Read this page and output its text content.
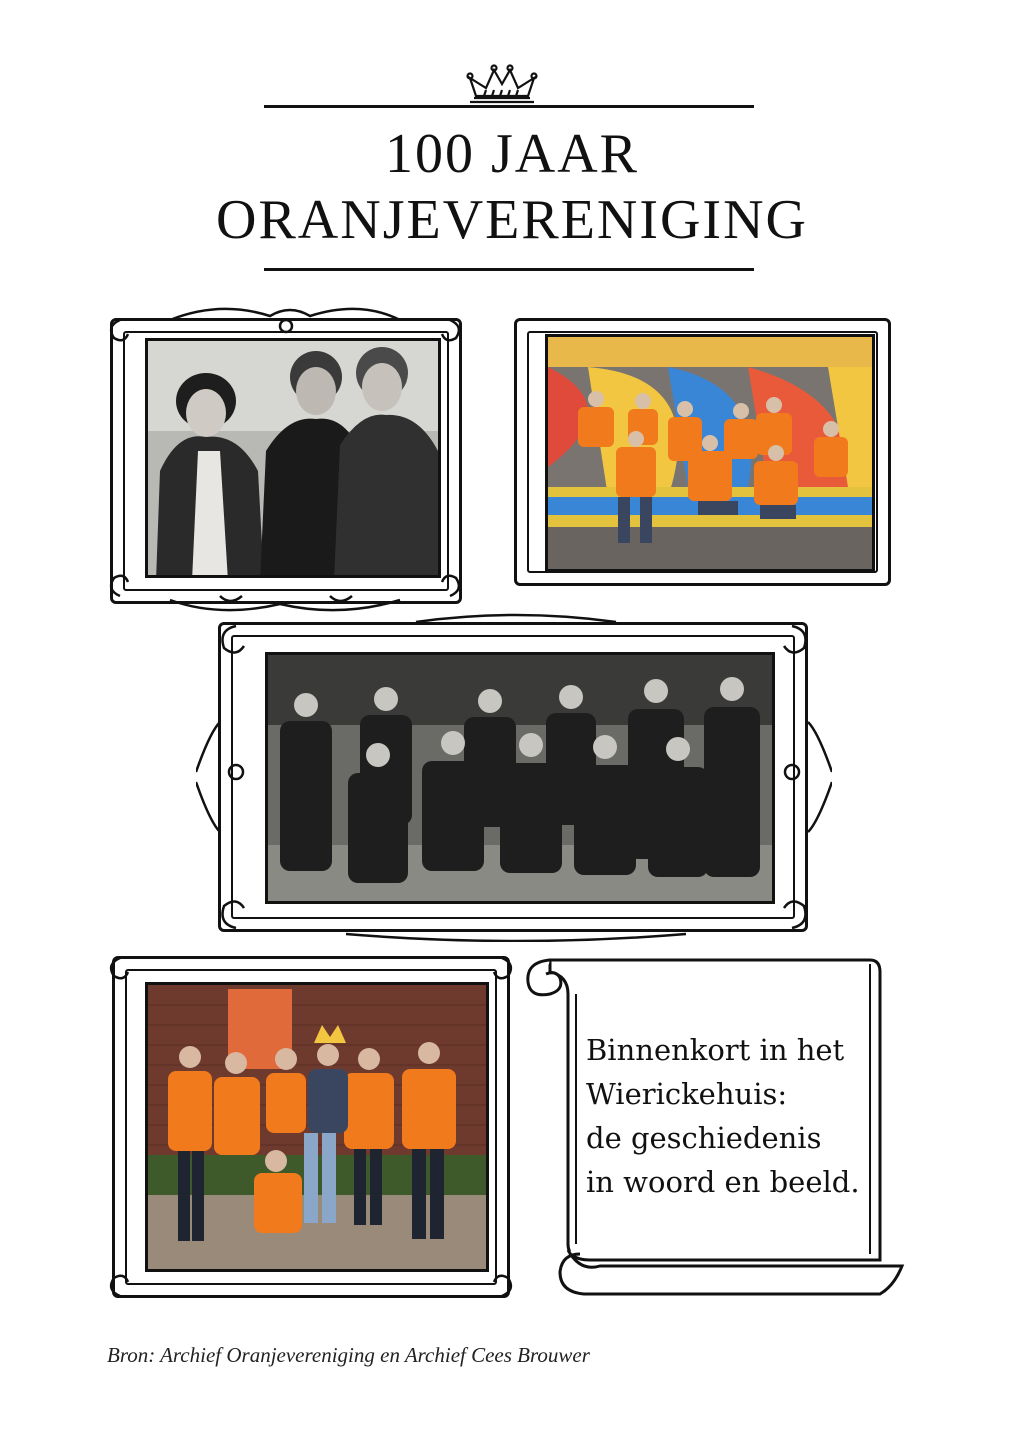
100 JAAR
ORANJEVERENIGING
Binnenkort in het
Wierickehuis:
de geschiedenis
in woord en beeld.
Bron: Archief Oranjevereniging en Archief Cees Brouwer
